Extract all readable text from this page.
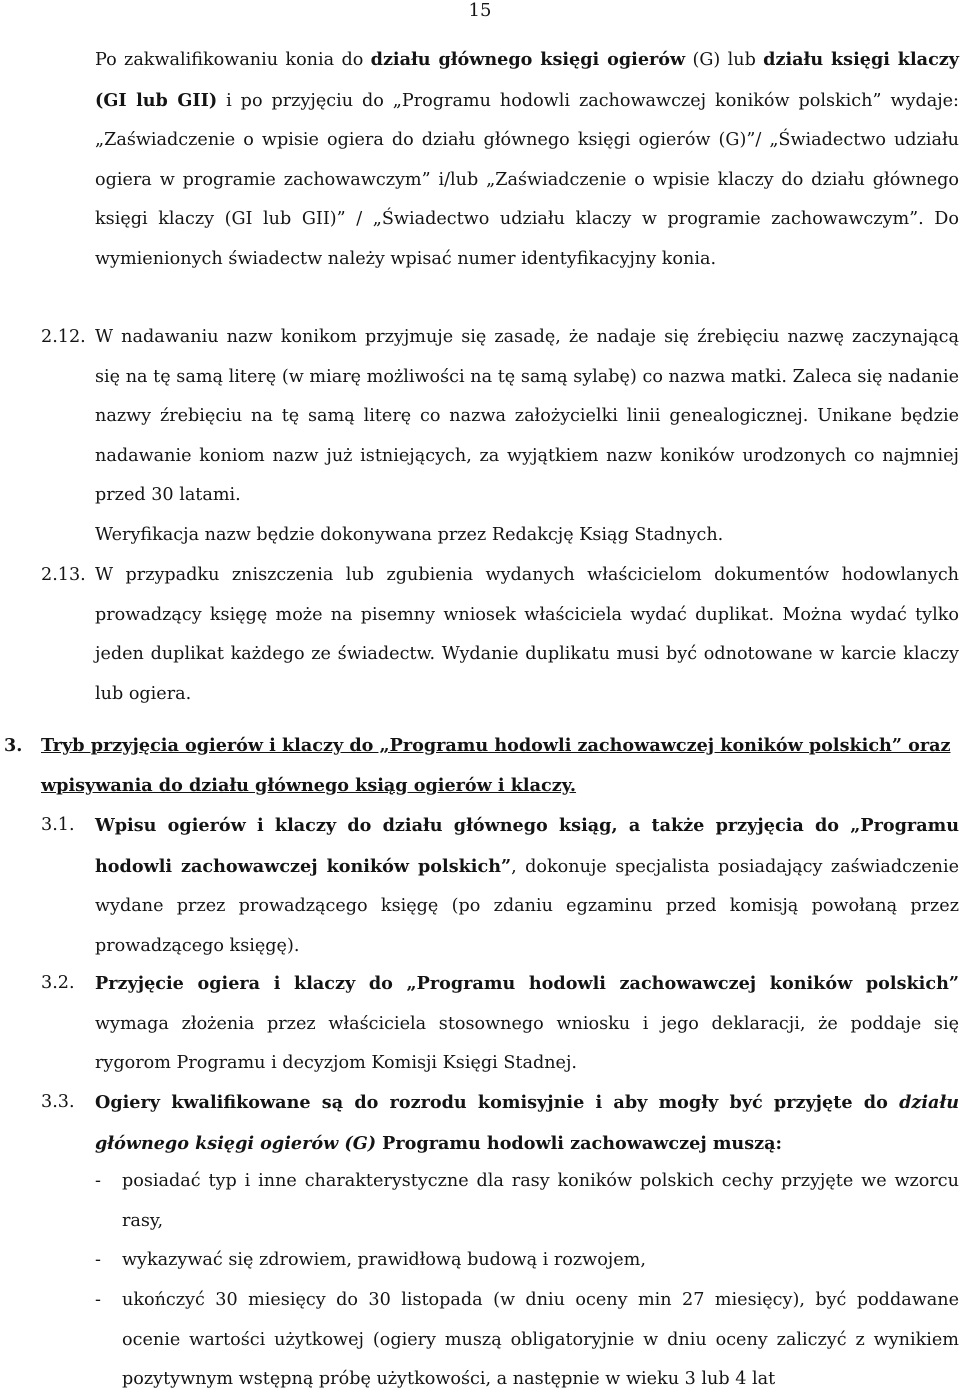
15

Po zakwalifikowaniu konia do działu głównego księgi ogierów (G) lub działu księgi klaczy (GI lub GII) i po przyjęciu do „Programu hodowli zachowawczej koników polskich” wydaje: „Zaświadczenie o wpisie ogiera do działu głównego księgi ogierów (G)”/ „Świadectwo udziału ogiera w programie zachowawczym” i/lub „Zaświadczenie o wpisie klaczy do działu głównego księgi klaczy (GI lub GII)” / „Świadectwo udziału klaczy w programie zachowawczym”. Do wymienionych świadectw należy wpisać numer identyfikacyjny konia.

2.12. W nadawaniu nazw konikom przyjmuje się zasadę, że nadaje się źrebięciu nazwę zaczynającą się na tę samą literę (w miarę możliwości na tę samą sylabę) co nazwa matki. Zaleca się nadanie nazwy źrebięciu na tę samą literę co nazwa założycielki linii genealogicznej. Unikane będzie nadawanie koniom nazw już istniejących, za wyjątkiem nazw koników urodzonych co najmniej przed 30 latami.

Weryfikacja nazw będzie dokonywana przez Redakcję Ksiąg Stadnych.

2.13. W przypadku zniszczenia lub zgubienia wydanych właścicielom dokumentów hodowlanych prowadzący księgę może na pisemny wniosek właściciela wydać duplikat. Można wydać tylko jeden duplikat każdego ze świadectw. Wydanie duplikatu musi być odnotowane w karcie klaczy lub ogiera.

3. Tryb przyjęcia ogierów i klaczy do „Programu hodowli zachowawczej koników polskich” oraz wpisywania do działu głównego ksiąg ogierów i klaczy.

3.1. Wpisu ogierów i klaczy do działu głównego ksiąg, a także przyjęcia do „Programu hodowli zachowawczej koników polskich”, dokonuje specjalista posiadający zaświadczenie wydane przez prowadzącego księgę (po zdaniu egzaminu przed komisją powołaną przez prowadzącego księgę).

3.2. Przyjęcie ogiera i klaczy do „Programu hodowli zachowawczej koników polskich” wymaga złożenia przez właściciela stosownego wniosku i jego deklaracji, że poddaje się rygorom Programu i decyzjom Komisji Księgi Stadnej.

3.3. Ogiery kwalifikowane są do rozrodu komisyjnie i aby mogły być przyjęte do działu głównego księgi ogierów (G) Programu hodowli zachowawczej muszą:

- posiadać typ i inne charakterystyczne dla rasy koników polskich cechy przyjęte we wzorcu rasy,

- wykazywać się zdrowiem, prawidłową budową i rozwojem,

- ukończyć 30 miesięcy do 30 listopada (w dniu oceny min 27 miesięcy), być poddawane ocenie wartości użytkowej (ogiery muszą obligatoryjnie w dniu oceny zaliczyć z wynikiem pozytywnym wstępną próbę użytkowości, a następnie w wieku 3 lub 4 lat
